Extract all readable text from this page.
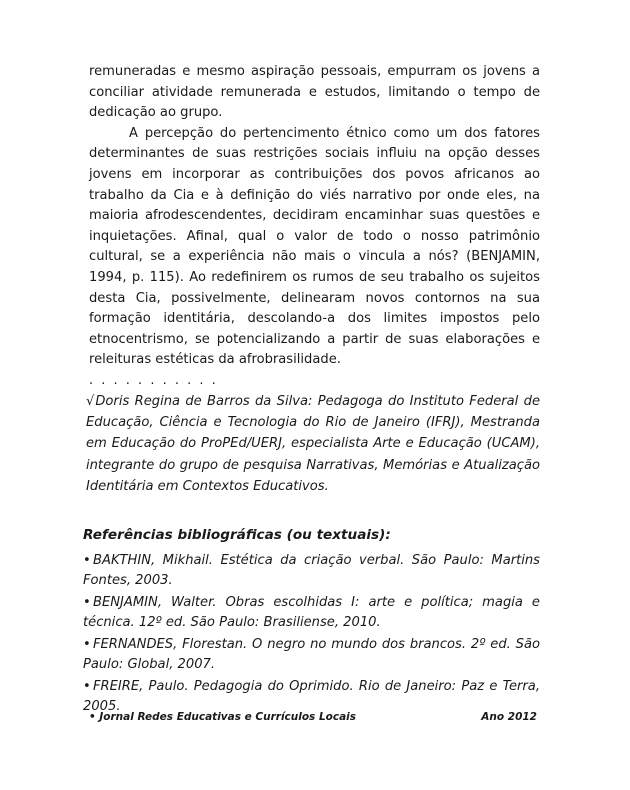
remuneradas e mesmo aspiração pessoais, empurram os jovens a conciliar atividade remunerada e estudos, limitando o tempo de dedicação ao grupo.

A percepção do pertencimento étnico como um dos fatores determinantes de suas restrições sociais influiu na opção desses jovens em incorporar as contribuições dos povos africanos ao trabalho da Cia e à definição do viés narrativo por onde eles, na maioria afrodescendentes, decidiram encaminhar suas questões e inquietações. Afinal, qual o valor de todo o nosso patrimônio cultural, se a experiência não mais o vincula a nós? (BENJAMIN, 1994, p. 115). Ao redefinirem os rumos de seu trabalho os sujeitos desta Cia, possivelmente, delinearam novos contornos na sua formação identitária, descolando-a dos limites impostos pelo etnocentrismo, se potencializando a partir de suas elaborações e releituras estéticas da afrobrasilidade.

. . . . . . . . . . .

√Doris Regina de Barros da Silva: Pedagoga do Instituto Federal de Educação, Ciência e Tecnologia do Rio de Janeiro (IFRJ), Mestranda em Educação do ProPEd/UERJ, especialista Arte e Educação (UCAM), integrante do grupo de pesquisa Narrativas, Memórias e Atualização Identitária em Contextos Educativos.

Referências bibliográficas (ou textuais):
• BAKTHIN, Mikhail. Estética da criação verbal. São Paulo: Martins Fontes, 2003.
• BENJAMIN, Walter. Obras escolhidas I: arte e política; magia e técnica. 12º ed. São Paulo: Brasiliense, 2010.
• FERNANDES, Florestan. O negro no mundo dos brancos. 2º ed. São Paulo: Global, 2007.
• FREIRE, Paulo. Pedagogia do Oprimido. Rio de Janeiro: Paz e Terra, 2005.
• Jornal Redes Educativas e Currículos Locais	Ano 2012
